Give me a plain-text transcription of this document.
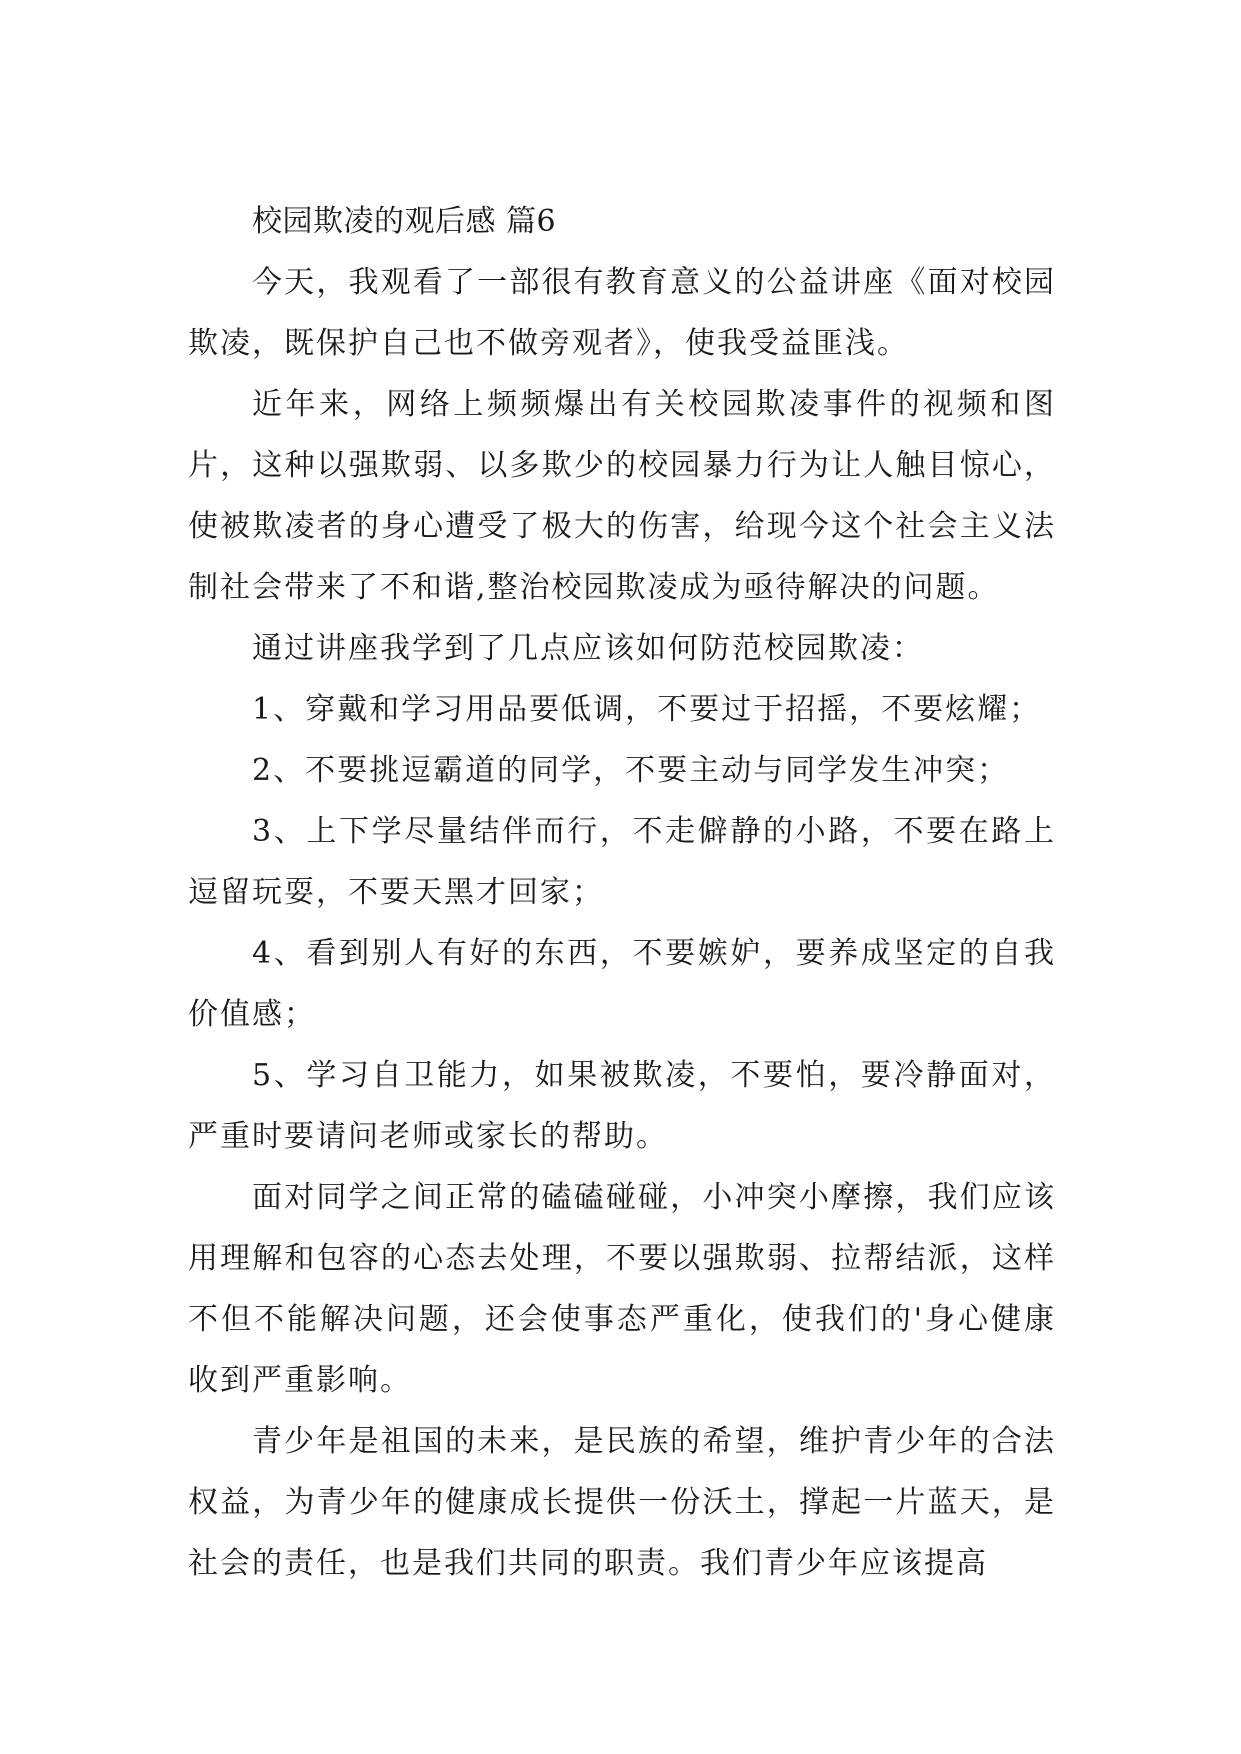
校园欺凌的观后感 篇6

今天，我观看了一部很有教育意义的公益讲座《面对校园欺凌，既保护自己也不做旁观者》，使我受益匪浅。

近年来，网络上频频爆出有关校园欺凌事件的视频和图片，这种以强欺弱、以多欺少的校园暴力行为让人触目惊心，使被欺凌者的身心遭受了极大的伤害，给现今这个社会主义法制社会带来了不和谐,整治校园欺凌成为亟待解决的问题。

通过讲座我学到了几点应该如何防范校园欺凌：

1、穿戴和学习用品要低调，不要过于招摇，不要炫耀；

2、不要挑逗霸道的同学，不要主动与同学发生冲突；

3、上下学尽量结伴而行，不走僻静的小路，不要在路上逗留玩耍，不要天黑才回家；

4、看到别人有好的东西，不要嫉妒，要养成坚定的自我价值感；

5、学习自卫能力，如果被欺凌，不要怕，要冷静面对，严重时要请问老师或家长的帮助。

面对同学之间正常的磕磕碰碰，小冲突小摩擦，我们应该用理解和包容的心态去处理，不要以强欺弱、拉帮结派，这样不但不能解决问题，还会使事态严重化，使我们的'身心健康收到严重影响。

青少年是祖国的未来，是民族的希望，维护青少年的合法权益，为青少年的健康成长提供一份沃土，撑起一片蓝天，是社会的责任，也是我们共同的职责。我们青少年应该提高
